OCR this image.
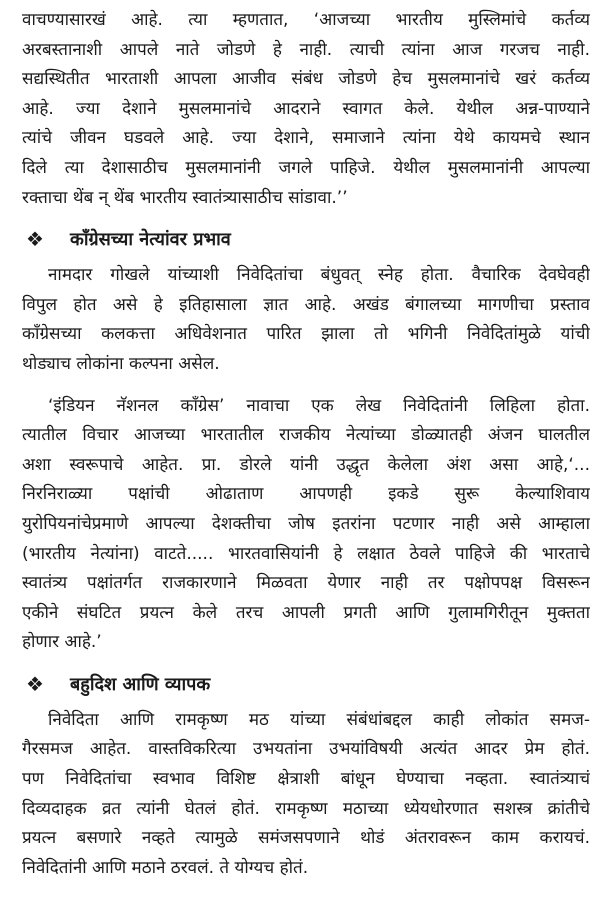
वाचण्यासारखं आहे. त्या म्हणतात, ‘आजच्या भारतीय मुस्लिमांचे कर्तव्य
अरबस्तानाशी आपले नाते जोडणे हे नाही. त्याची त्यांना आज गरजच नाही.
सद्यस्थितीत भारताशी आपला आजीव संबंध जोडणे हेच मुसलमानांचे खरं कर्तव्य
आहे. ज्या देशाने मुसलमानांचे आदराने स्वागत केले. येथील अन्न-पाण्याने
त्यांचे जीवन घडवले आहे. ज्या देशाने, समाजाने त्यांना येथे कायमचे स्थान
दिले त्या देशासाठीच मुसलमानांनी जगले पाहिजे. येथील मुसलमानांनी आपल्या
रक्ताचा थेंब न् थेंब भारतीय स्वातंत्र्यासाठीच सांडावा.’’
❖	काँग्रेसच्या नेत्यांवर प्रभाव
नामदार गोखले यांच्याशी निवेदितांचा बंधुवत् स्नेह होता. वैचारिक देवघेवही
विपुल होत असे हे इतिहासाला ज्ञात आहे. अखंड बंगालच्या मागणीचा प्रस्ताव
काँग्रेसच्या कलकत्ता अधिवेशनात पारित झाला तो भगिनी निवेदितांमुळे यांची
थोड्याच लोकांना कल्पना असेल.
‘इंडियन नॅशनल काँग्रेस’ नावाचा एक लेख निवेदितांनी लिहिला होता.
त्यातील विचार आजच्या भारतातील राजकीय नेत्यांच्या डोळ्यातही अंजन घालतील
अशा स्वरूपाचे आहेत. प्रा. डोरले यांनी उद्धृत केलेला अंश असा आहे,‘...
निरनिराळ्या पक्षांची ओढाताण आपणही इकडे सुरू केल्याशिवाय
युरोपियनांचेप्रमाणे आपल्या देशक्तीचा जोष इतरांना पटणार नाही असे आम्हाला
(भारतीय नेत्यांना) वाटते..... भारतवासियांनी हे लक्षात ठेवले पाहिजे की भारताचे
स्वातंत्र्य पक्षांतर्गत राजकारणाने मिळवता येणार नाही तर पक्षोपपक्ष विसरून
एकीने संघटित प्रयत्न केले तरच आपली प्रगती आणि गुलामगिरीतून मुक्तता
होणार आहे.’
❖	बहुदिश आणि व्यापक
निवेदिता आणि रामकृष्ण मठ यांच्या संबंधांबद्दल काही लोकांत समज-
गैरसमज आहेत. वास्तविकरित्या उभयतांना उभयांविषयी अत्यंत आदर प्रेम होतं.
पण निवेदितांचा स्वभाव विशिष्ट क्षेत्राशी बांधून घेण्याचा नव्हता. स्वातंत्र्याचं
दिव्यदाहक व्रत त्यांनी घेतलं होतं. रामकृष्ण मठाच्या ध्येयधोरणात सशस्त्र क्रांतीचे
प्रयत्न बसणारे नव्हते त्यामुळे समंजसपणाने थोडं अंतरावरून काम करायचं.
निवेदितांनी आणि मठाने ठरवलं. ते योग्यच होतं.
